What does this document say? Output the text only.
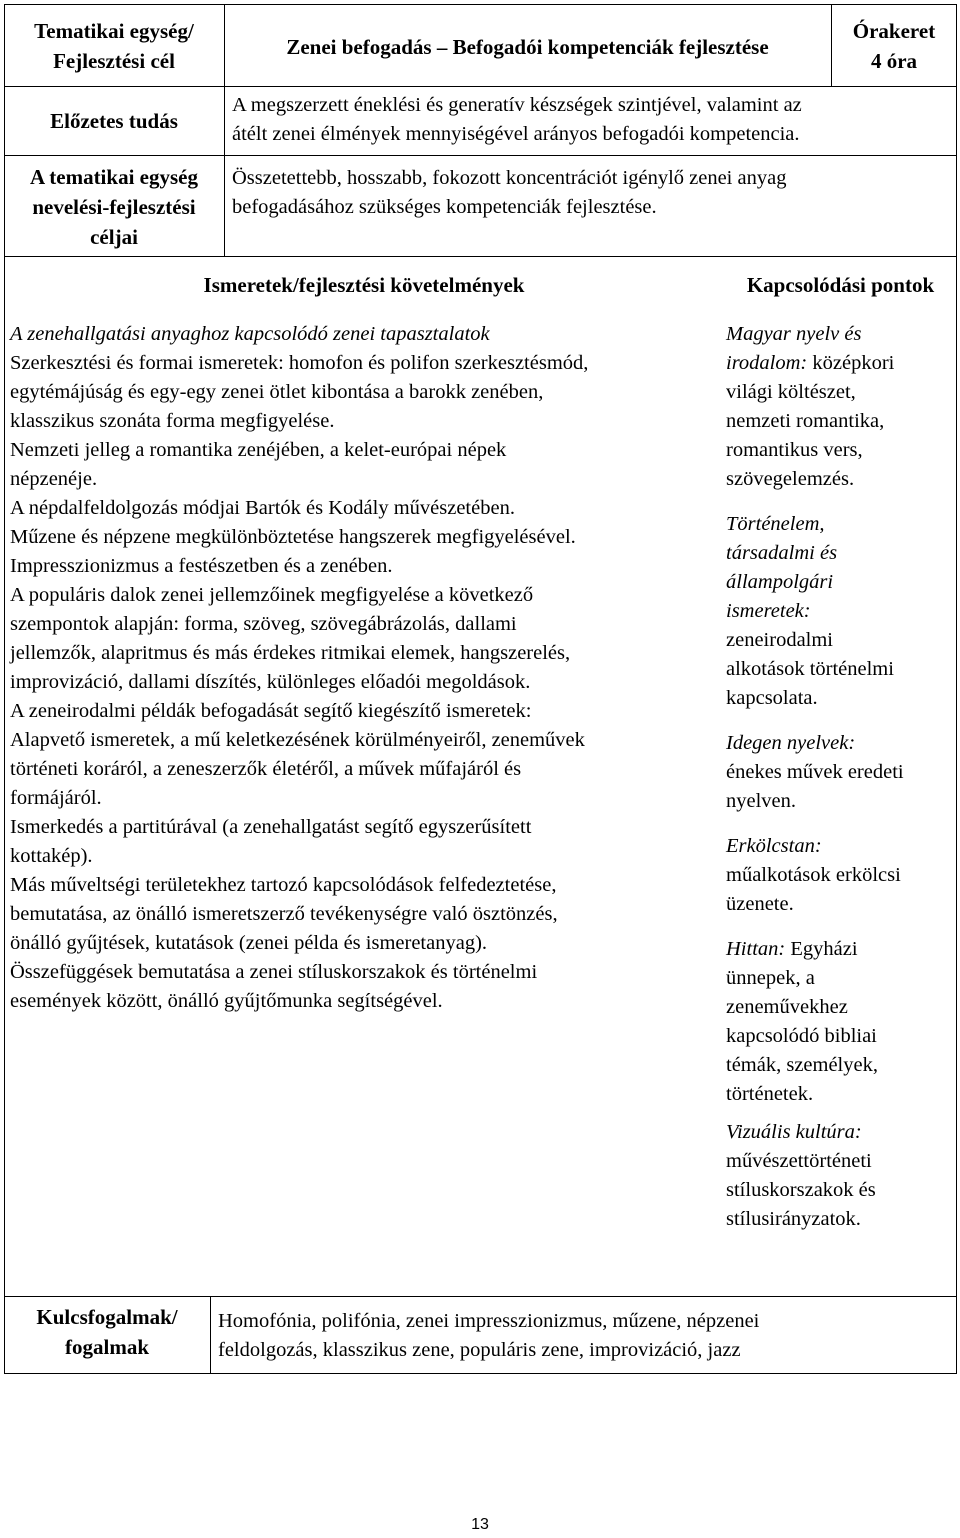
Tematikai egység/
Fejlesztési cél
Zenei befogadás – Befogadói kompetenciák fejlesztése
Órakeret
4 óra
Előzetes tudás
A megszerzett éneklési és generatív készségek szintjével, valamint az
átélt zenei élmények mennyiségével arányos befogadói kompetencia.
A tematikai egység
nevelési-fejlesztési
céljai
Összetettebb, hosszabb, fokozott koncentrációt igénylő zenei anyag
befogadásához szükséges kompetenciák fejlesztése.
Ismeretek/fejlesztési követelmények	Kapcsolódási pontok
A zenehallgatási anyaghoz kapcsolódó zenei tapasztalatok
Szerkesztési és formai ismeretek: homofon és polifon szerkesztésmód,
egytémájúság és egy-egy zenei ötlet kibontása a barokk zenében,
klasszikus szonáta forma megfigyelése.
Nemzeti jelleg a romantika zenéjében, a kelet-európai népek
népzenéje.
A népdalfeldolgozás módjai Bartók és Kodály művészetében.
Műzene és népzene megkülönböztetése hangszerek megfigyelésével.
Impresszionizmus a festészetben és a zenében.
A populáris dalok zenei jellemzőinek megfigyelése a következő
szempontok alapján: forma, szöveg, szövegábrázolás, dallami
jellemzők, alapritmus és más érdekes ritmikai elemek, hangszerelés,
improvizáció, dallami díszítés, különleges előadói megoldások.
A zeneirodalmi példák befogadását segítő kiegészítő ismeretek:
Alapvető ismeretek, a mű keletkezésének körülményeiről, zeneművek
történeti koráról, a zeneszerzők életéről, a művek műfajáról és
formájáról.
Ismerkedés a partitúrával (a zenehallgatást segítő egyszerűsített
kottakép).
Más műveltségi területekhez tartozó kapcsolódások felfedeztetése,
bemutatása, az önálló ismeretszerző tevékenységre való ösztönzés,
önálló gyűjtések, kutatások (zenei példa és ismeretanyag).
Összefüggések bemutatása a zenei stíluskorszakok és történelmi
események között, önálló gyűjtőmunka segítségével.
Magyar nyelv és
irodalom: középkori
világi költészet,
nemzeti romantika,
romantikus vers,
szövegelemzés.
Történelem,
társadalmi és
állampolgári
ismeretek:
zeneirodalmi
alkotások történelmi
kapcsolata.
Idegen nyelvek:
énekes művek eredeti
nyelven.
Erkölcstan:
műalkotások erkölcsi
üzenete.
Hittan: Egyházi
ünnepek, a
zeneművekhez
kapcsolódó bibliai
témák, személyek,
történetek.
Vizuális kultúra:
művészettörténeti
stíluskorszakok és
stílusirányzatok.
Kulcsfogalmak/
fogalmak
Homofónia, polifónia, zenei impresszionizmus, műzene, népzenei
feldolgozás, klasszikus zene, populáris zene, improvizáció, jazz
13
